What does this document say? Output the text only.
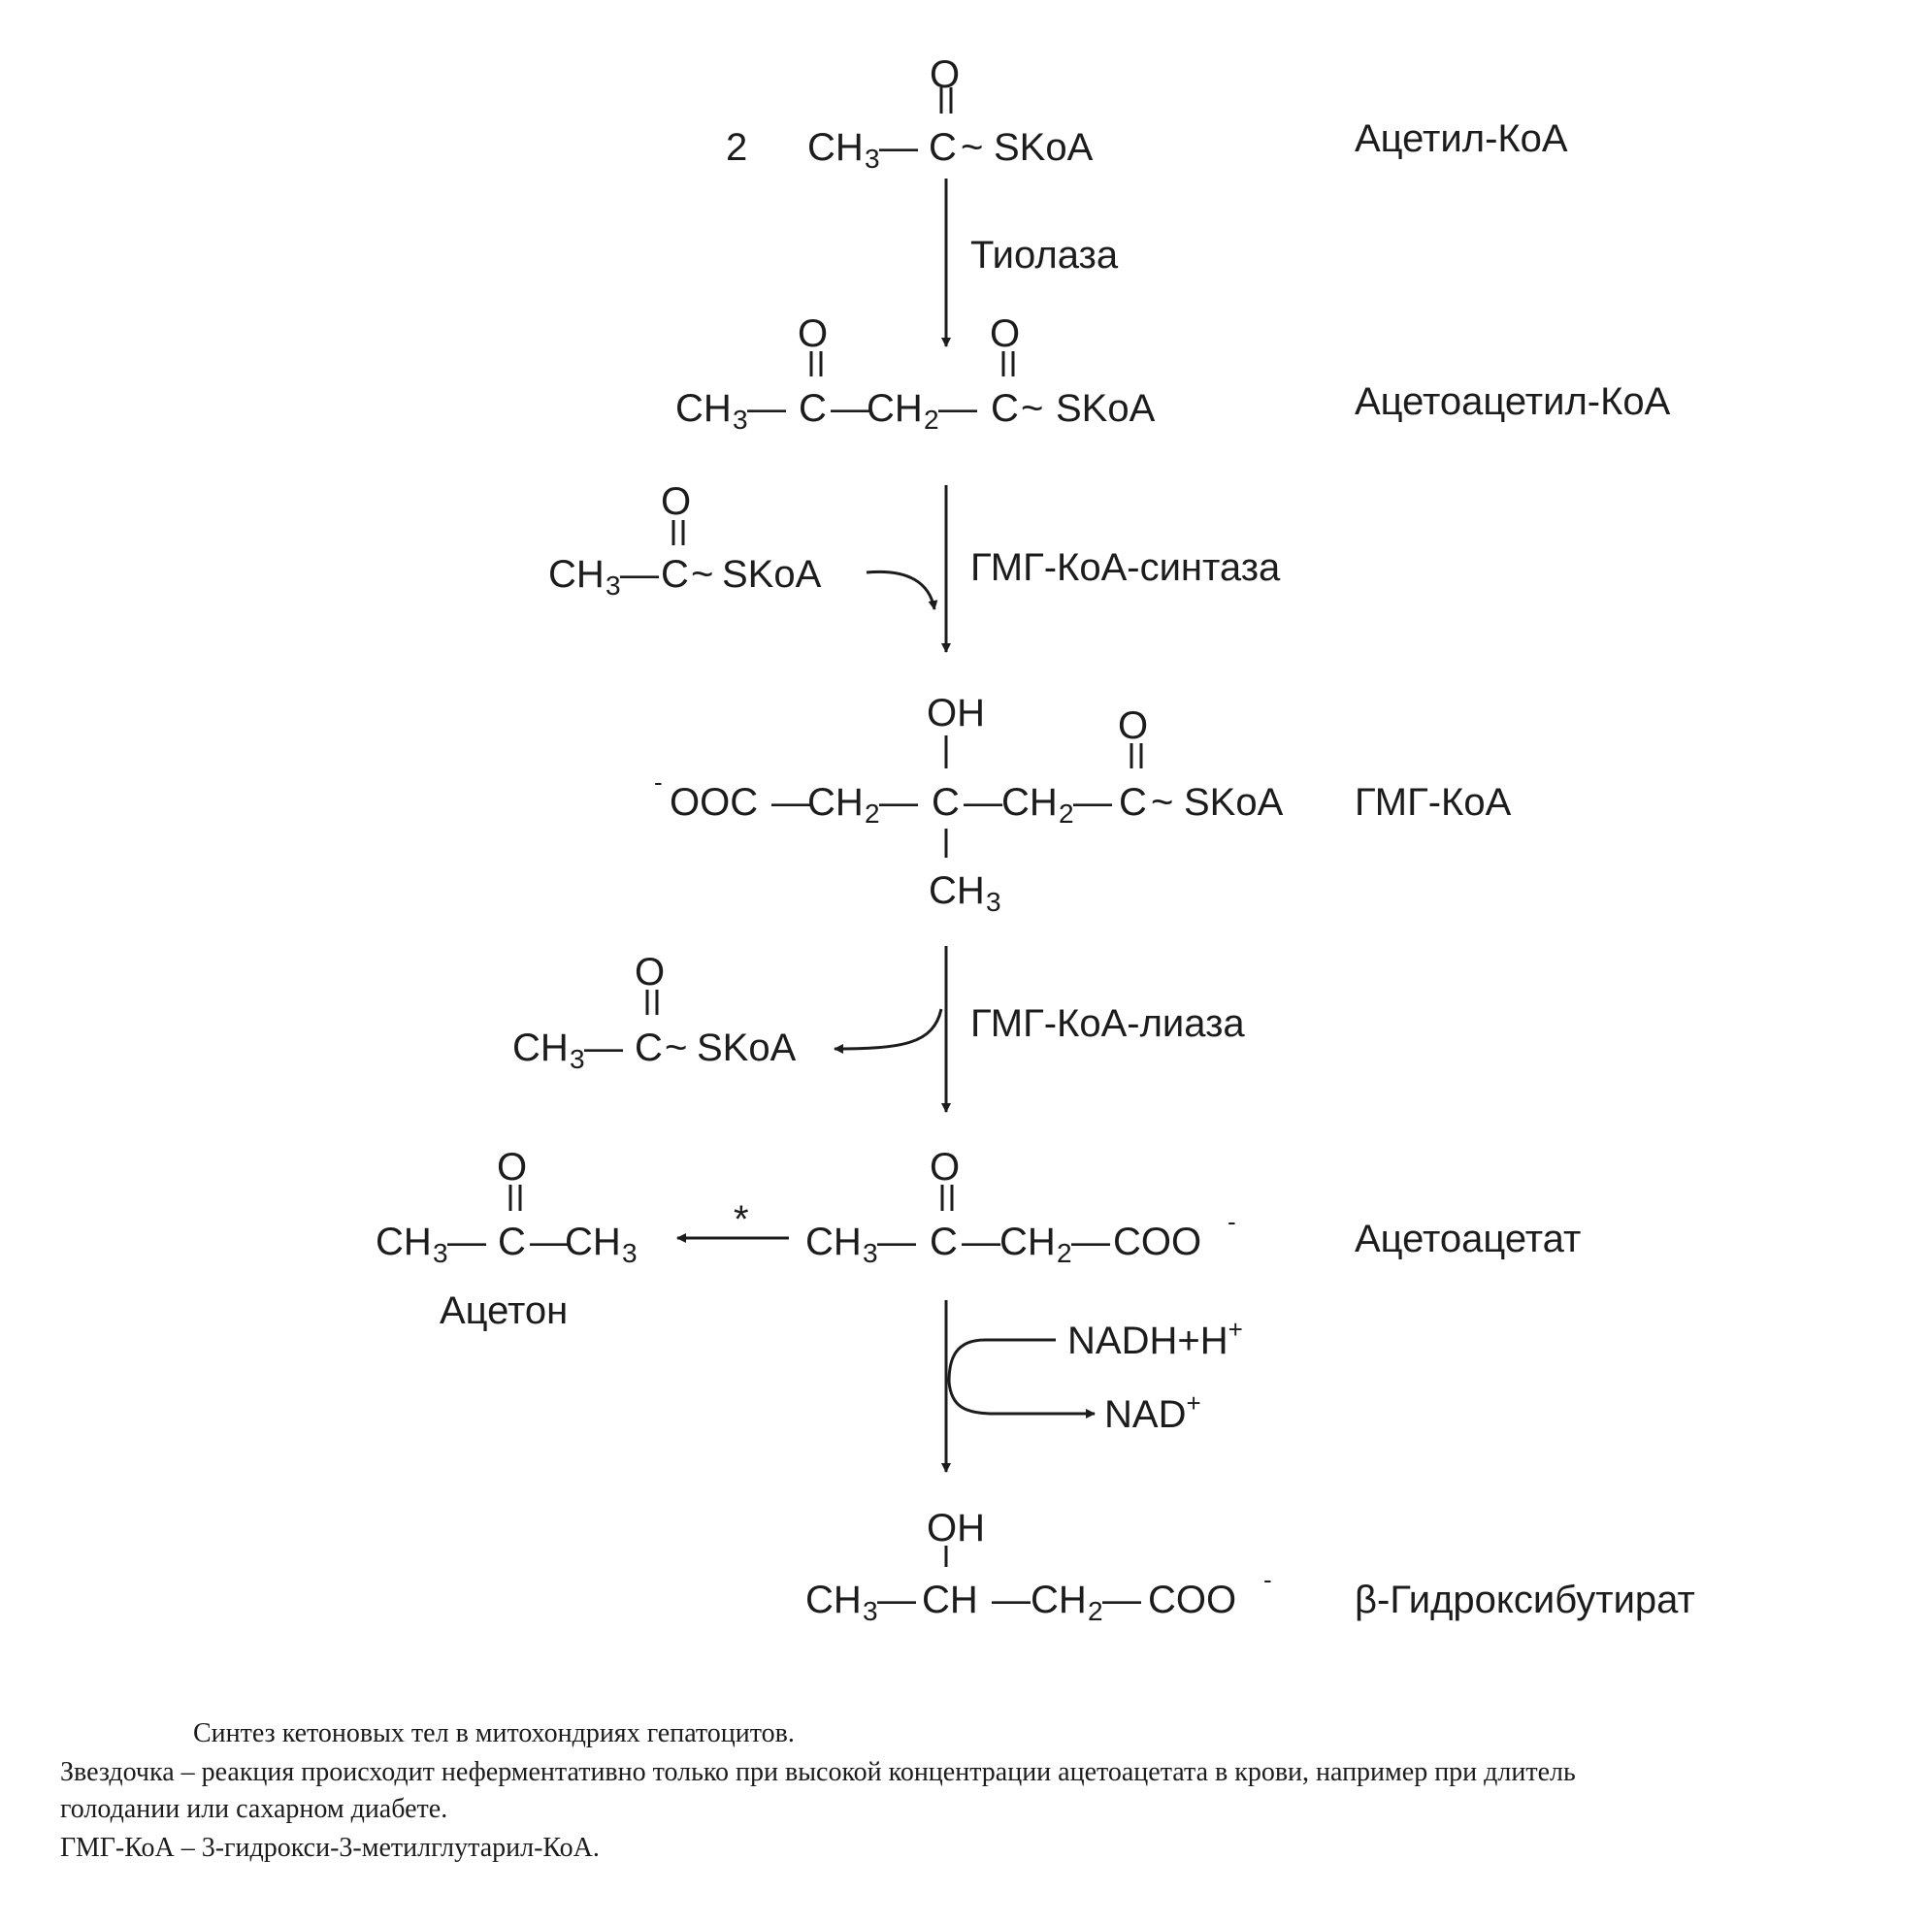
2 CH 3 — C ~ SKoA
O
CH 3 — C —
CH 2 — C ~ SKoA
O	O
CH 3 — C ~ SKoA
O
- OOC —
CH 2 — C — CH 2 — C ~ SKoA
OH
CH 3
O
CH 3 — C ~ SKoA
O
CH 3 — C —
CH 3
O
CH 3 — C — CH 2 — COO -
O
CH 3 — CH — CH 2 — COO -
OH
Ацетил-КоА
Ацетоацетил-КоА
ГМГ-КоА
Ацетоацетат
Ацетон
β-Гидроксибутират
Тиолаза
ГМГ-КоА-синтаза
ГМГ-КоА-лиаза
*
NADH+H+
NAD+
Синтез кетоновых тел в митохондриях гепатоцитов.
Звездочка – реакция происходит неферментативно только при высокой концентрации ацетоацетата в крови, например при длитель
голодании или сахарном диабете.
ГМГ-КоА – 3-гидрокси-3-метилглутарил-КоА.
